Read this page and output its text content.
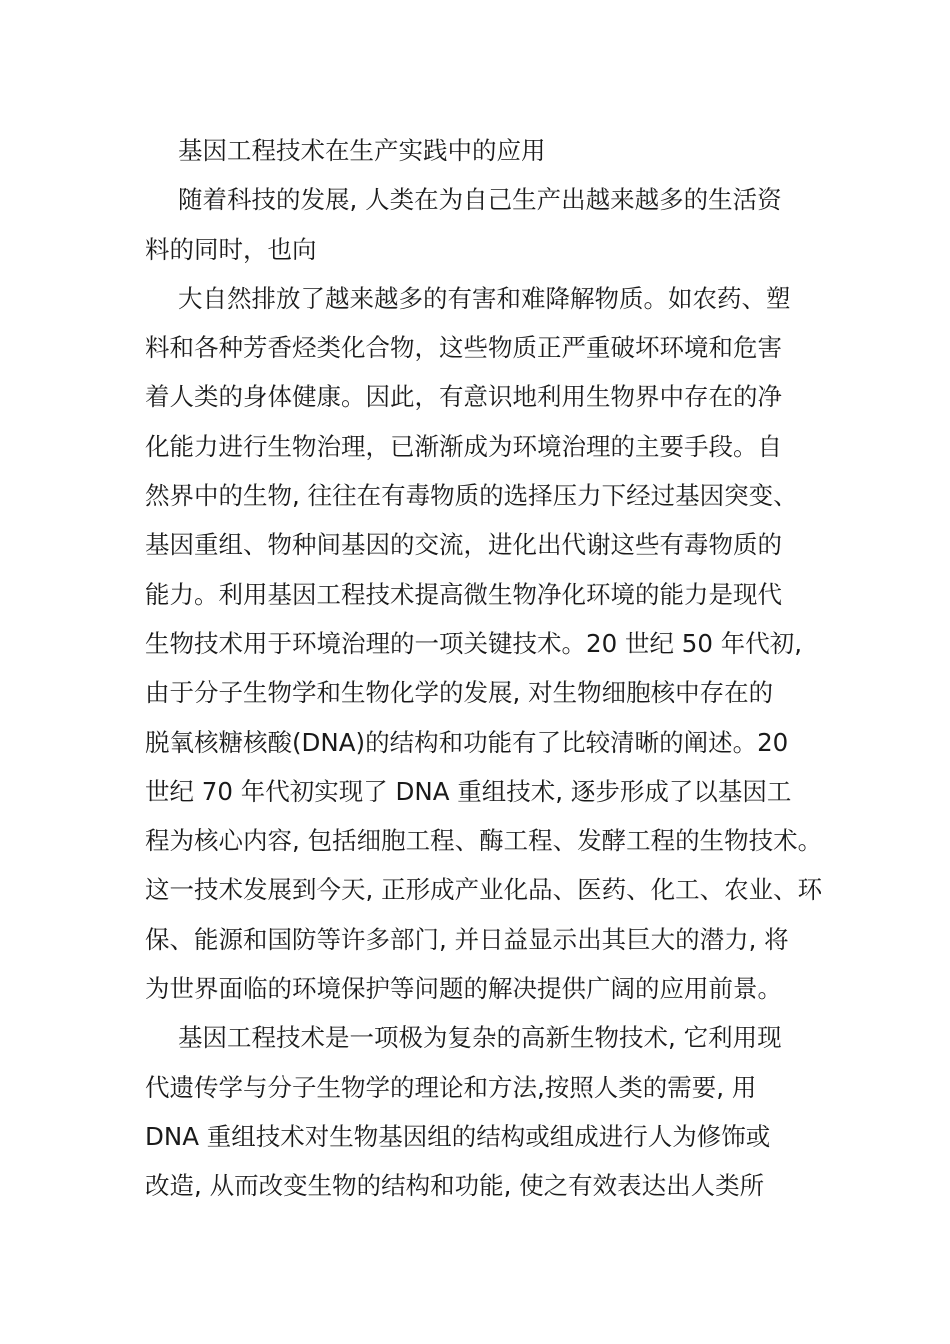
基因工程技术在生产实践中的应用
随着科技的发展, 人类在为自己生产出越来越多的生活资
料的同时，也向
大自然排放了越来越多的有害和难降解物质。如农药、塑
料和各种芳香烃类化合物，这些物质正严重破坏环境和危害
着人类的身体健康。因此，有意识地利用生物界中存在的净
化能力进行生物治理，已渐渐成为环境治理的主要手段。自
然界中的生物, 往往在有毒物质的选择压力下经过基因突变、
基因重组、物种间基因的交流，进化出代谢这些有毒物质的
能力。利用基因工程技术提高微生物净化环境的能力是现代
生物技术用于环境治理的一项关键技术。20 世纪 50 年代初,
由于分子生物学和生物化学的发展, 对生物细胞核中存在的
脱氧核糖核酸(DNA)的结构和功能有了比较清晰的阐述。20
世纪 70 年代初实现了 DNA 重组技术, 逐步形成了以基因工
程为核心内容, 包括细胞工程、酶工程、发酵工程的生物技术。
这一技术发展到今天, 正形成产业化品、医药、化工、农业、环
保、能源和国防等许多部门, 并日益显示出其巨大的潜力, 将
为世界面临的环境保护等问题的解决提供广阔的应用前景。
基因工程技术是一项极为复杂的高新生物技术, 它利用现
代遗传学与分子生物学的理论和方法,按照人类的需要, 用
DNA 重组技术对生物基因组的结构或组成进行人为修饰或
改造, 从而改变生物的结构和功能, 使之有效表达出人类所
